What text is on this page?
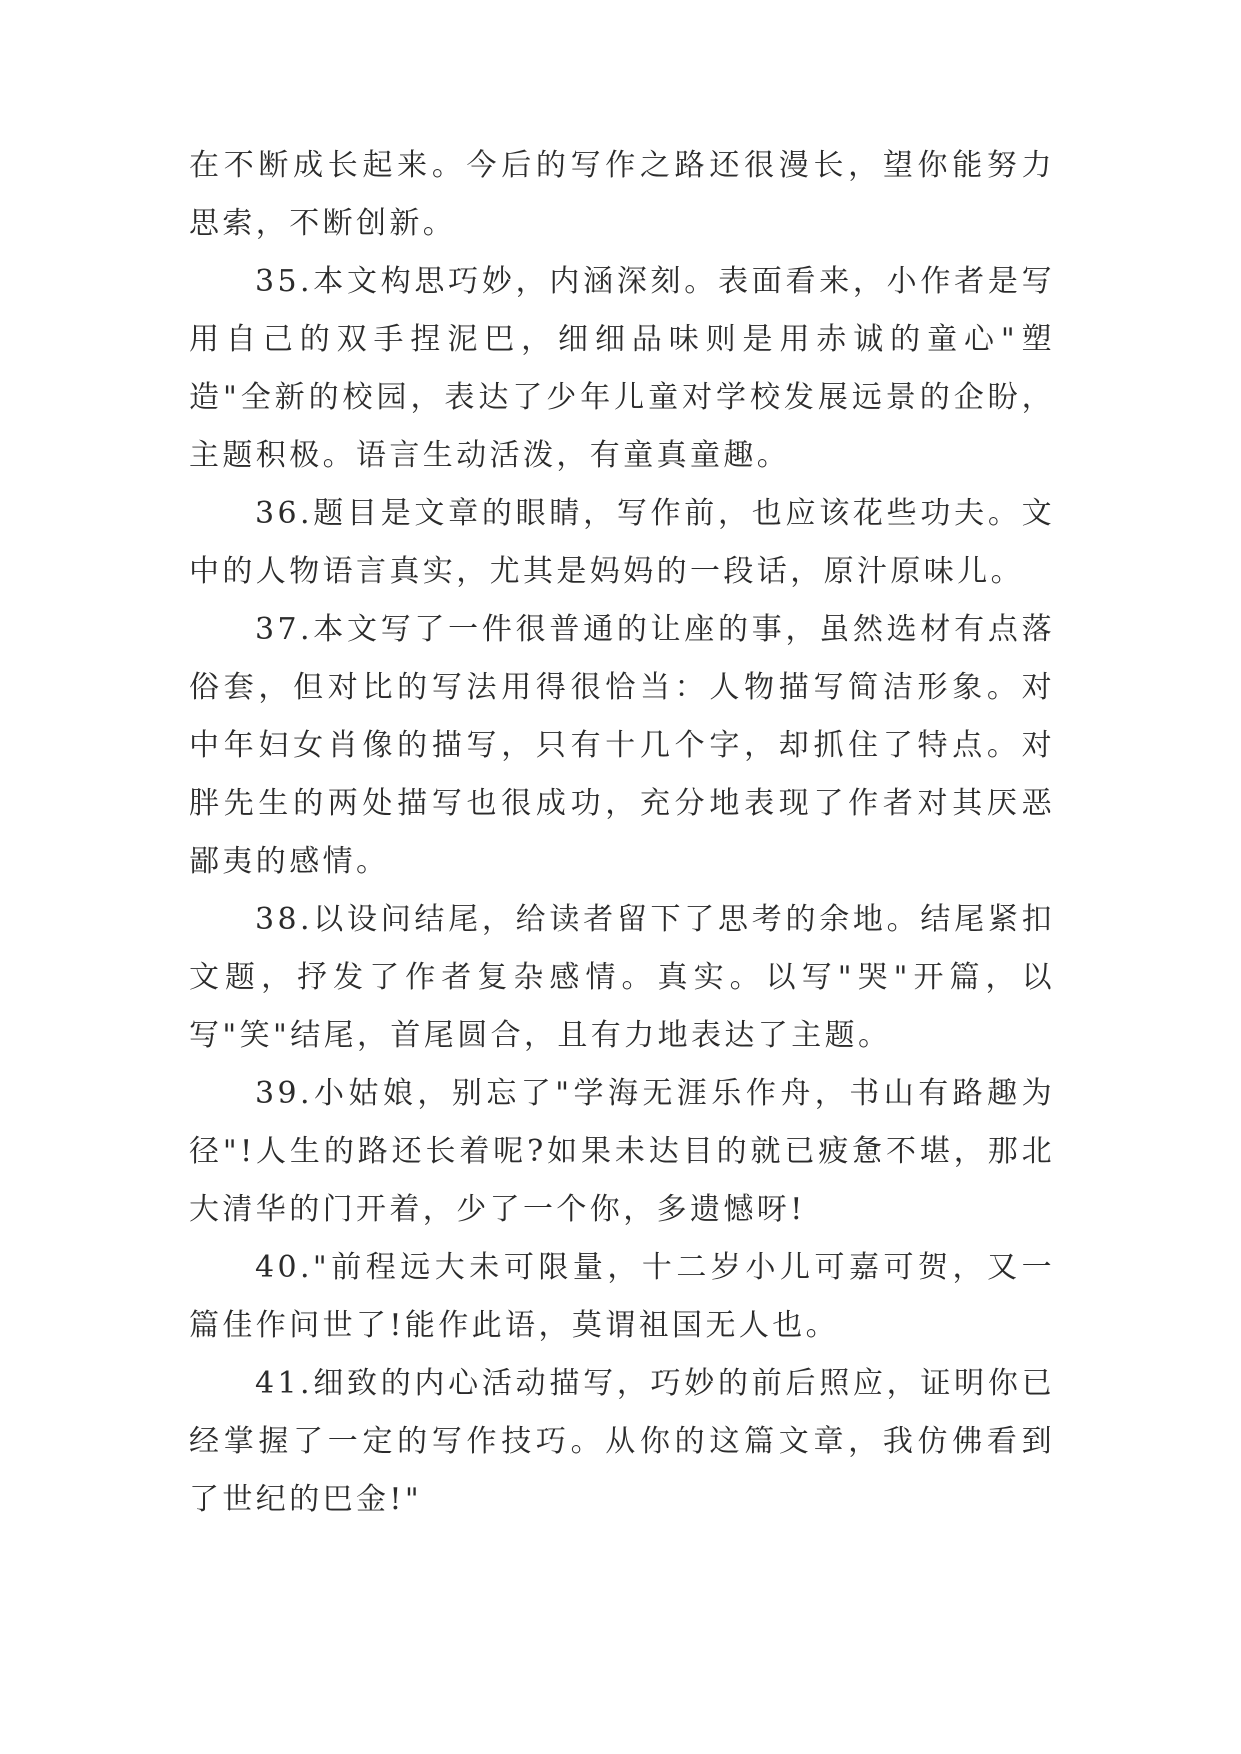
在不断成长起来。今后的写作之路还很漫长，望你能努力思索，不断创新。

35.本文构思巧妙，内涵深刻。表面看来，小作者是写用自己的双手捏泥巴，细细品味则是用赤诚的童心"塑造"全新的校园，表达了少年儿童对学校发展远景的企盼，主题积极。语言生动活泼，有童真童趣。

36.题目是文章的眼睛，写作前，也应该花些功夫。文中的人物语言真实，尤其是妈妈的一段话，原汁原味儿。

37.本文写了一件很普通的让座的事，虽然选材有点落俗套，但对比的写法用得很恰当：人物描写简洁形象。对中年妇女肖像的描写，只有十几个字，却抓住了特点。对胖先生的两处描写也很成功，充分地表现了作者对其厌恶鄙夷的感情。

38.以设问结尾，给读者留下了思考的余地。结尾紧扣文题，抒发了作者复杂感情。真实。以写"哭"开篇，以写"笑"结尾，首尾圆合，且有力地表达了主题。

39.小姑娘，别忘了"学海无涯乐作舟，书山有路趣为径"!人生的路还长着呢?如果未达目的就已疲惫不堪，那北大清华的门开着，少了一个你，多遗憾呀!

40."前程远大未可限量，十二岁小儿可嘉可贺，又一篇佳作问世了!能作此语，莫谓祖国无人也。

41.细致的内心活动描写，巧妙的前后照应，证明你已经掌握了一定的写作技巧。从你的这篇文章，我仿佛看到了世纪的巴金!"
